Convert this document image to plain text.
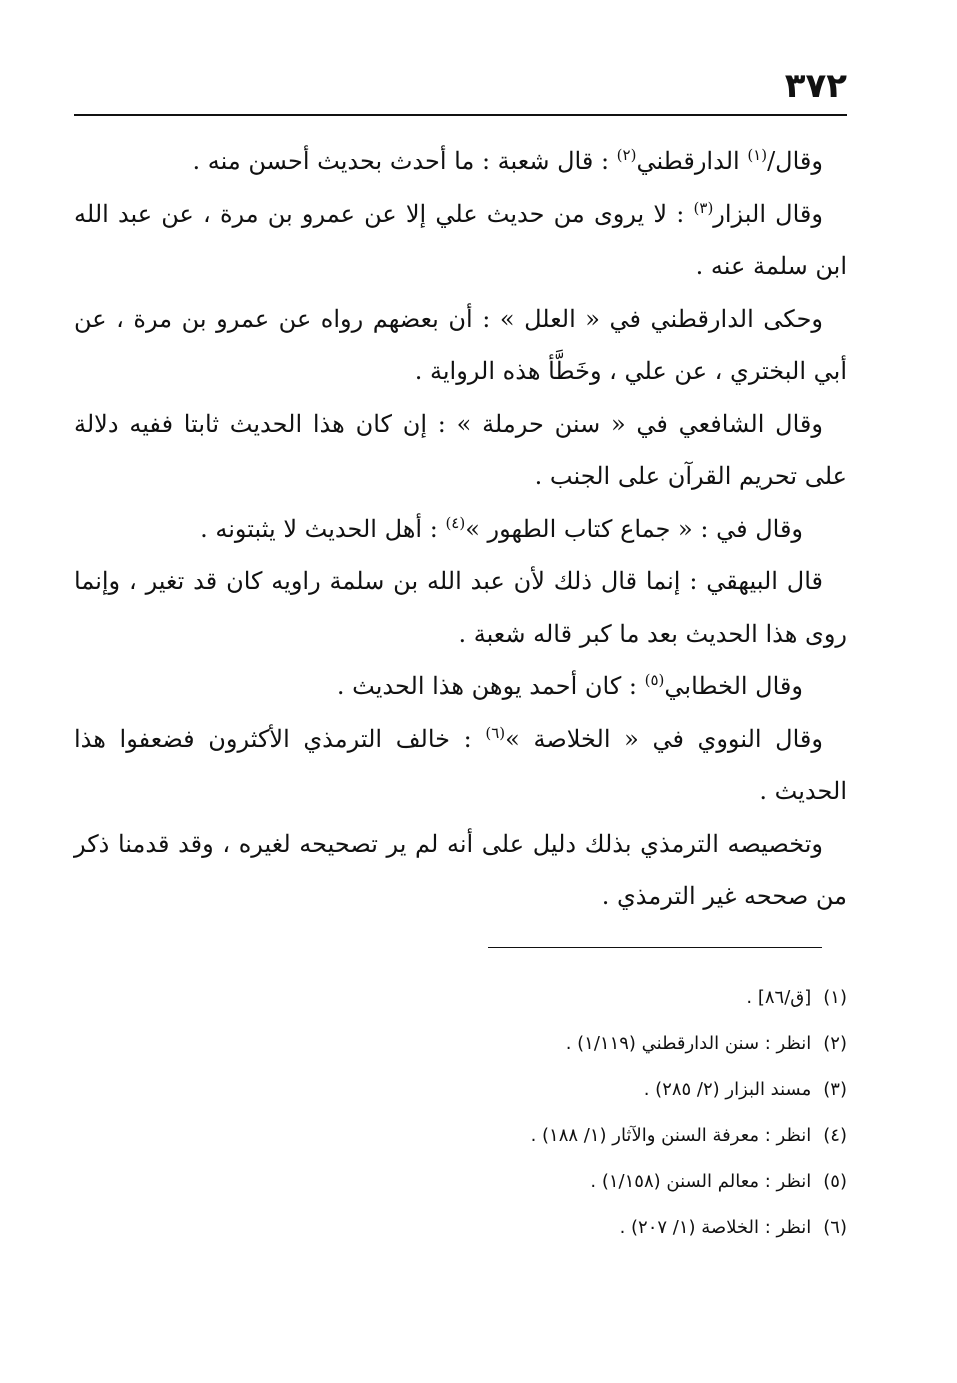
٣٧٢

وقال/$^{(١)}$ الدارقطني$^{(٢)}$ : قال شعبة : ما أحدث بحديث أحسن منه .

وقال البزار$^{(٣)}$ : لا يروى من حديث علي إلا عن عمرو بن مرة ، عن عبد الله ابن سلمة عنه .

وحكى الدارقطني في « العلل » : أن بعضهم رواه عن عمرو بن مرة ، عن أبي البختري ، عن علي ، وخَطَّأ هذه الرواية .

وقال الشافعي في « سنن حرملة » : إن كان هذا الحديث ثابتا ففيه دلالة على تحريم القرآن على الجنب .

وقال في : « جماع كتاب الطهور »$^{(٤)}$ : أهل الحديث لا يثبتونه .

قال البيهقي : إنما قال ذلك لأن عبد الله بن سلمة راويه كان قد تغير ، وإنما روى هذا الحديث بعد ما كبر قاله شعبة .

وقال الخطابي$^{(٥)}$ : كان أحمد يوهن هذا الحديث .

وقال النووي في « الخلاصة »$^{(٦)}$ : خالف الترمذي الأكثرون فضعفوا هذا الحديث .

وتخصيصه الترمذي بذلك دليل على أنه لم ير تصحيحه لغيره ، وقد قدمنا ذكر من صححه غير الترمذي .

(١)[ق/٨٦] .
(٢)انظر : سنن الدارقطني (١/١١٩) .
(٣)مسند البزار (٢/ ٢٨٥) .
(٤)انظر : معرفة السنن والآثار (١/ ١٨٨) .
(٥)انظر : معالم السنن (١/١٥٨) .
(٦)انظر : الخلاصة (١/ ٢٠٧) .
